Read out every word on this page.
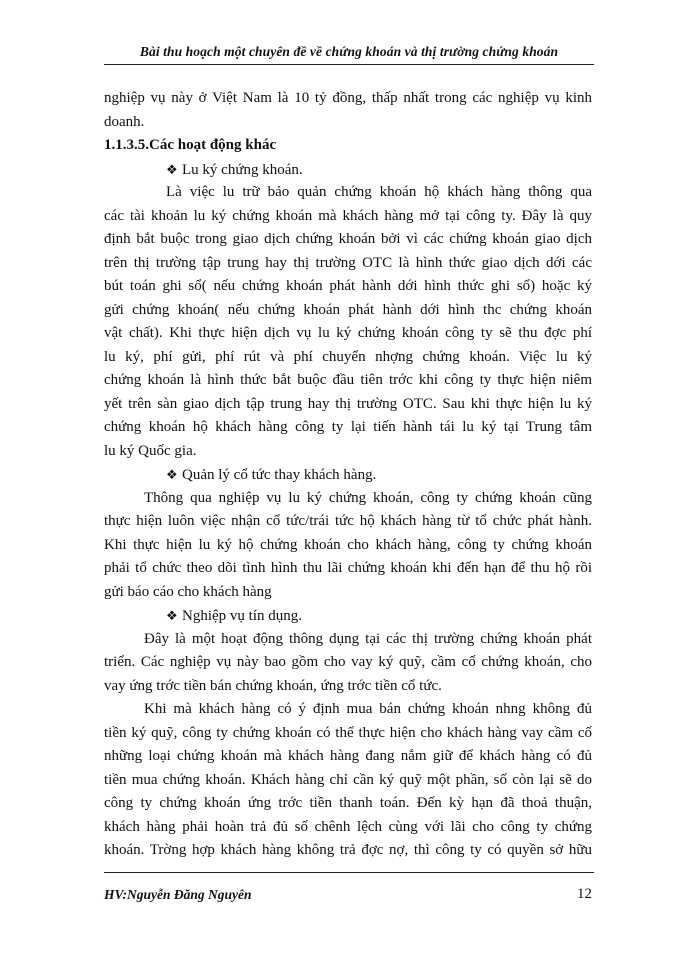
Bài thu hoạch một chuyên đề về chứng khoán và thị trường chứng khoán
nghiệp vụ này ở Việt Nam là 10 tỷ đồng, thấp nhất trong các nghiệp vụ kinh
doanh.
1.1.3.5.Các hoạt động khác
❖ Lu ký chứng khoán.
Là việc lu trữ bảo quản chứng khoán hộ khách hàng thông qua
các tài khoản lu ký chứng khoán mà khách hàng mở tại công ty. Đây là quy
định bắt buộc trong giao dịch chứng khoán bởi vì các chứng khoán giao dịch
trên thị trường tập trung hay thị trường OTC là hình thức giao dịch dới các
bút toán ghi sổ( nếu chứng khoán phát hành dới hình thức ghi sổ) hoặc ký
gửi chứng khoán( nếu chứng khoán phát hành dới hình thc chứng khoán
vật chất). Khi thực hiện dịch vụ lu ký chứng khoán công ty sẽ thu đợc phí
lu ký, phí gửi, phí rút và phí chuyển nhợng chứng khoán. Việc lu ký
chứng khoán là hình thức bắt buộc đầu tiên trớc khi công ty thực hiện niêm
yết trên sàn giao dịch tập trung hay thị trường OTC. Sau khi thực hiện lu ký
chứng khoán hộ khách hàng công ty lại tiến hành tái lu ký tại Trung tâm
lu ký Quốc gia.
❖ Quản lý cổ tức thay khách hàng.
Thông qua nghiệp vụ lu ký chứng khoán, công ty chứng khoán cũng
thực hiện luôn việc nhận cổ tức/trái tức hộ khách hàng từ tổ chức phát hành.
Khi thực hiện lu ký hộ chứng khoán cho khách hàng, công ty chứng khoán
phải tổ chức theo dõi tình hình thu lãi chứng khoán khi đến hạn để thu hộ rồi
gửi báo cáo cho khách hàng
❖ Nghiệp vụ tín dụng.
Đây là một hoạt động thông dụng tại các thị trường chứng khoán phát
triển. Các nghiệp vụ này bao gồm cho vay ký quỹ, cầm cố chứng khoán, cho
vay ứng trớc tiền bán chứng khoán, ứng trớc tiền cổ tức.
Khi mà khách hàng có ý định mua bán chứng khoán nhng không đủ
tiền ký quỹ, công ty chứng khoán có thể thực hiện cho khách hàng vay cầm cố
những loại chứng khoán mà khách hàng đang nắm giữ để khách hàng có đủ
tiền mua chứng khoán. Khách hàng chỉ cần ký quỹ một phần, số còn lại sẽ do
công ty chứng khoán ứng trớc tiền thanh toán. Đến kỳ hạn đã thoả thuận,
khách hàng phải hoàn trả đủ số chênh lệch cùng với lãi cho công ty chứng
khoán. Trờng hợp khách hàng không trả đợc nợ, thì công ty có quyền sở hữu
HV:Nguyễn Đăng Nguyên	12
